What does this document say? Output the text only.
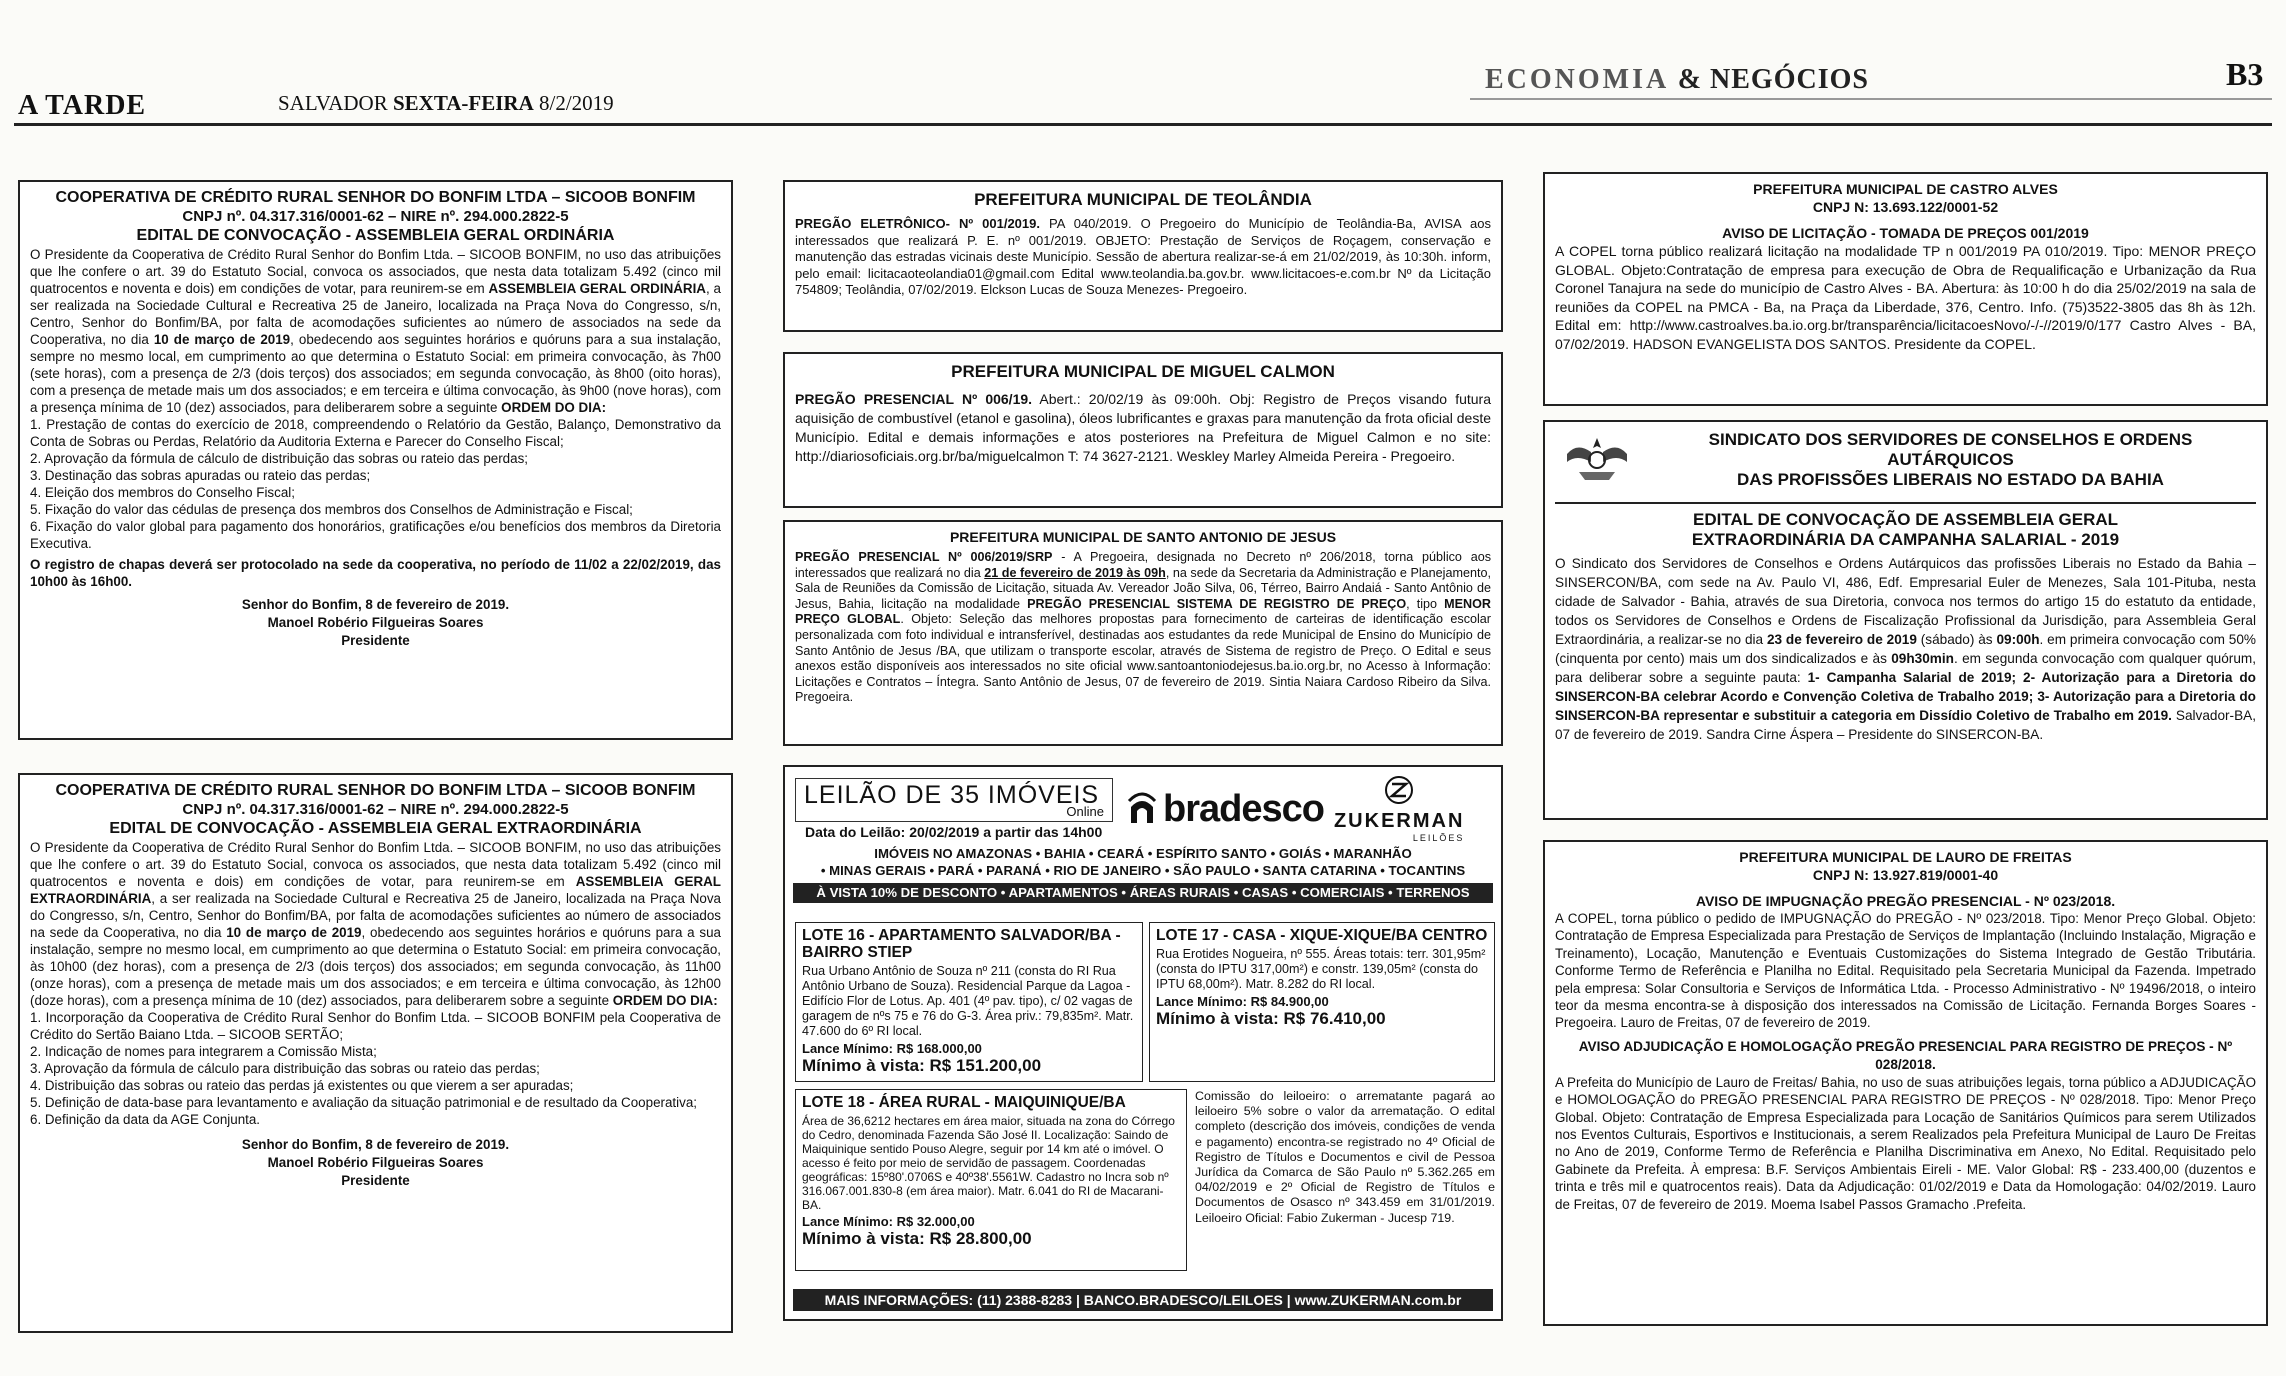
A TARDE	SALVADOR SEXTA-FEIRA 8/2/2019
ECONOMIA & NEGÓCIOS	B3
COOPERATIVA DE CRÉDITO RURAL SENHOR DO BONFIM LTDA – SICOOB BONFIM
CNPJ nº. 04.317.316/0001-62 – NIRE nº. 294.000.2822-5
EDITAL DE CONVOCAÇÃO - ASSEMBLEIA GERAL ORDINÁRIA
O Presidente da Cooperativa de Crédito Rural Senhor do Bonfim Ltda. – SICOOB BONFIM, no uso das atribuições que lhe confere o art. 39 do Estatuto Social, convoca os associados, que nesta data totalizam 5.492 (cinco mil quatrocentos e noventa e dois) em condições de votar, para reunirem-se em ASSEMBLEIA GERAL ORDINÁRIA, a ser realizada na Sociedade Cultural e Recreativa 25 de Janeiro, localizada na Praça Nova do Congresso, s/n, Centro, Senhor do Bonfim/BA, por falta de acomodações suficientes ao número de associados na sede da Cooperativa, no dia 10 de março de 2019, obedecendo aos seguintes horários e quóruns para a sua instalação, sempre no mesmo local, em cumprimento ao que determina o Estatuto Social: em primeira convocação, às 7h00 (sete horas), com a presença de 2/3 (dois terços) dos associados; em segunda convocação, às 8h00 (oito horas), com a presença de metade mais um dos associados; e em terceira e última convocação, às 9h00 (nove horas), com a presença mínima de 10 (dez) associados, para deliberarem sobre a seguinte ORDEM DO DIA:

1. Prestação de contas do exercício de 2018, compreendendo o Relatório da Gestão, Balanço, Demonstrativo da Conta de Sobras ou Perdas, Relatório da Auditoria Externa e Parecer do Conselho Fiscal;

2. Aprovação da fórmula de cálculo de distribuição das sobras ou rateio das perdas;

3. Destinação das sobras apuradas ou rateio das perdas;

4. Eleição dos membros do Conselho Fiscal;

5. Fixação do valor das cédulas de presença dos membros dos Conselhos de Administração e Fiscal;

6. Fixação do valor global para pagamento dos honorários, gratificações e/ou benefícios dos membros da Diretoria Executiva.

O registro de chapas deverá ser protocolado na sede da cooperativa, no período de 11/02 a 22/02/2019, das 10h00 às 16h00.

Senhor do Bonfim, 8 de fevereiro de 2019.
Manoel Robério Filgueiras Soares
Presidente
COOPERATIVA DE CRÉDITO RURAL SENHOR DO BONFIM LTDA – SICOOB BONFIM
CNPJ nº. 04.317.316/0001-62 – NIRE nº. 294.000.2822-5
EDITAL DE CONVOCAÇÃO - ASSEMBLEIA GERAL EXTRAORDINÁRIA
O Presidente da Cooperativa de Crédito Rural Senhor do Bonfim Ltda. – SICOOB BONFIM, no uso das atribuições que lhe confere o art. 39 do Estatuto Social, convoca os associados, que nesta data totalizam 5.492 (cinco mil quatrocentos e noventa e dois) em condições de votar, para reunirem-se em ASSEMBLEIA GERAL EXTRAORDINÁRIA, a ser realizada na Sociedade Cultural e Recreativa 25 de Janeiro, localizada na Praça Nova do Congresso, s/n, Centro, Senhor do Bonfim/BA, por falta de acomodações suficientes ao número de associados na sede da Cooperativa, no dia 10 de março de 2019, obedecendo aos seguintes horários e quóruns para a sua instalação, sempre no mesmo local, em cumprimento ao que determina o Estatuto Social: em primeira convocação, às 10h00 (dez horas), com a presença de 2/3 (dois terços) dos associados; em segunda convocação, às 11h00 (onze horas), com a presença de metade mais um dos associados; e em terceira e última convocação, às 12h00 (doze horas), com a presença mínima de 10 (dez) associados, para deliberarem sobre a seguinte ORDEM DO DIA:

1. Incorporação da Cooperativa de Crédito Rural Senhor do Bonfim Ltda. – SICOOB BONFIM pela Cooperativa de Crédito do Sertão Baiano Ltda. – SICOOB SERTÃO;

2. Indicação de nomes para integrarem a Comissão Mista;

3. Aprovação da fórmula de cálculo para distribuição das sobras ou rateio das perdas;

4. Distribuição das sobras ou rateio das perdas já existentes ou que vierem a ser apuradas;

5. Definição de data-base para levantamento e avaliação da situação patrimonial e de resultado da Cooperativa;

6. Definição da data da AGE Conjunta.

Senhor do Bonfim, 8 de fevereiro de 2019.
Manoel Robério Filgueiras Soares
Presidente
PREFEITURA MUNICIPAL DE TEOLÂNDIA
PREGÃO ELETRÔNICO- Nº 001/2019. PA 040/2019. O Pregoeiro do Município de Teolândia-Ba, AVISA aos interessados que realizará P. E. nº 001/2019. OBJETO: Prestação de Serviços de Roçagem, conservação e manutenção das estradas vicinais deste Município. Sessão de abertura realizar-se-á em 21/02/2019, às 10:30h. inform, pelo email: licitacaoteolandia01@gmail.com Edital www.teolandia.ba.gov.br. www.licitacoes-e.com.br Nº da Licitação 754809; Teolândia, 07/02/2019. Elckson Lucas de Souza Menezes- Pregoeiro.
PREFEITURA MUNICIPAL DE MIGUEL CALMON
PREGÃO PRESENCIAL Nº 006/19. Abert.: 20/02/19 às 09:00h. Obj: Registro de Preços visando futura aquisição de combustível (etanol e gasolina), óleos lubrificantes e graxas para manutenção da frota oficial deste Município. Edital e demais informações e atos posteriores na Prefeitura de Miguel Calmon e no site: http://diariosoficiais.org.br/ba/miguelcalmon T: 74 3627-2121. Weskley Marley Almeida Pereira - Pregoeiro.
PREFEITURA MUNICIPAL DE SANTO ANTONIO DE JESUS
PREGÃO PRESENCIAL Nº 006/2019/SRP - A Pregoeira, designada no Decreto nº 206/2018, torna público aos interessados que realizará no dia 21 de fevereiro de 2019 às 09h, na sede da Secretaria da Administração e Planejamento, Sala de Reuniões da Comissão de Licitação, situada Av. Vereador João Silva, 06, Térreo, Bairro Andaiá - Santo Antônio de Jesus, Bahia, licitação na modalidade PREGÃO PRESENCIAL SISTEMA DE REGISTRO DE PREÇO, tipo MENOR PREÇO GLOBAL. Objeto: Seleção das melhores propostas para fornecimento de carteiras de identificação escolar personalizada com foto individual e intransferível, destinadas aos estudantes da rede Municipal de Ensino do Município de Santo Antônio de Jesus /BA, que utilizam o transporte escolar, através de Sistema de registro de Preço. O Edital e seus anexos estão disponíveis aos interessados no site oficial www.santoantoniodejesus.ba.io.org.br, no Acesso à Informação: Licitações e Contratos – Íntegra. Santo Antônio de Jesus, 07 de fevereiro de 2019. Sintia Naiara Cardoso Ribeiro da Silva. Pregoeira.
LEILÃO DE 35 IMÓVEIS
Online
Data do Leilão: 20/02/2019 a partir das 14h00
bradesco ZUKERMAN
LEILÕES
IMÓVEIS NO AMAZONAS • BAHIA • CEARÁ • ESPÍRITO SANTO • GOIÁS • MARANHÃO
• MINAS GERAIS • PARÁ • PARANÁ • RIO DE JANEIRO • SÃO PAULO • SANTA CATARINA • TOCANTINS
À VISTA 10% DE DESCONTO • APARTAMENTOS • ÁREAS RURAIS • CASAS • COMERCIAIS • TERRENOS
LOTE 16 - APARTAMENTO SALVADOR/BA - BAIRRO STIEP
Rua Urbano Antônio de Souza nº 211 (consta do RI Rua Antônio Urbano de Souza). Residencial Parque da Lagoa - Edifício Flor de Lotus. Ap. 401 (4º pav. tipo), c/ 02 vagas de garagem de nºs 75 e 76 do G-3. Área priv.: 79,835m². Matr. 47.600 do 6º RI local.
Lance Mínimo: R$ 168.000,00
Mínimo à vista: R$ 151.200,00
LOTE 17 - CASA - XIQUE-XIQUE/BA CENTRO
Rua Erotides Nogueira, nº 555. Áreas totais: terr. 301,95m² (consta do IPTU 317,00m²) e constr. 139,05m² (consta do IPTU 68,00m²). Matr. 8.282 do RI local.
Lance Mínimo: R$ 84.900,00
Mínimo à vista: R$ 76.410,00
LOTE 18 - ÁREA RURAL - MAIQUINIQUE/BA
Área de 36,6212 hectares em área maior, situada na zona do Córrego do Cedro, denominada Fazenda São José II. Localização: Saindo de Maiquinique sentido Pouso Alegre, seguir por 14 km até o imóvel. O acesso é feito por meio de servidão de passagem. Coordenadas geográficas: 15º80'.0706S e 40º38'.5561W. Cadastro no Incra sob nº 316.067.001.830-8 (em área maior). Matr. 6.041 do RI de Macarani-BA.
Lance Mínimo: R$ 32.000,00
Mínimo à vista: R$ 28.800,00
Comissão do leiloeiro: o arrematante pagará ao leiloeiro 5% sobre o valor da arrematação. O edital completo (descrição dos imóveis, condições de venda e pagamento) encontra-se registrado no 4º Oficial de Registro de Títulos e Documentos e civil de Pessoa Jurídica da Comarca de São Paulo nº 5.362.265 em 04/02/2019 e 2º Oficial de Registro de Títulos e Documentos de Osasco nº 343.459 em 31/01/2019. Leiloeiro Oficial: Fabio Zukerman - Jucesp 719.
MAIS INFORMAÇÕES: (11) 2388-8283 | BANCO.BRADESCO/LEILOES | www.ZUKERMAN.com.br
PREFEITURA MUNICIPAL DE CASTRO ALVES
CNPJ N: 13.693.122/0001-52
AVISO DE LICITAÇÃO - TOMADA DE PREÇOS 001/2019
A COPEL torna público realizará licitação na modalidade TP n 001/2019 PA 010/2019. Tipo: MENOR PREÇO GLOBAL. Objeto:Contratação de empresa para execução de Obra de Requalificação e Urbanização da Rua Coronel Tanajura na sede do município de Castro Alves - BA. Abertura: às 10:00 h do dia 25/02/2019 na sala de reuniões da COPEL na PMCA - Ba, na Praça da Liberdade, 376, Centro. Info. (75)3522-3805 das 8h às 12h. Edital em: http://www.castroalves.ba.io.org.br/transparência/licitacoesNovo/-/-//2019/0/177 Castro Alves - BA, 07/02/2019. HADSON EVANGELISTA DOS SANTOS. Presidente da COPEL.
SINDICATO DOS SERVIDORES DE CONSELHOS E ORDENS AUTÁRQUICOS
DAS PROFISSÕES LIBERAIS NO ESTADO DA BAHIA
EDITAL DE CONVOCAÇÃO DE ASSEMBLEIA GERAL
EXTRAORDINÁRIA DA CAMPANHA SALARIAL - 2019
O Sindicato dos Servidores de Conselhos e Ordens Autárquicos das profissões Liberais no Estado da Bahia – SINSERCON/BA, com sede na Av. Paulo VI, 486, Edf. Empresarial Euler de Menezes, Sala 101-Pituba, nesta cidade de Salvador - Bahia, através de sua Diretoria, convoca nos termos do artigo 15 do estatuto da entidade, todos os Servidores de Conselhos e Ordens de Fiscalização Profissional da Jurisdição, para Assembleia Geral Extraordinária, a realizar-se no dia 23 de fevereiro de 2019 (sábado) às 09:00h. em primeira convocação com 50% (cinquenta por cento) mais um dos sindicalizados e às 09h30min. em segunda convocação com qualquer quórum, para deliberar sobre a seguinte pauta: 1- Campanha Salarial de 2019; 2- Autorização para a Diretoria do SINSERCON-BA celebrar Acordo e Convenção Coletiva de Trabalho 2019; 3- Autorização para a Diretoria do SINSERCON-BA representar e substituir a categoria em Dissídio Coletivo de Trabalho em 2019. Salvador-BA, 07 de fevereiro de 2019. Sandra Cirne Áspera – Presidente do SINSERCON-BA.
PREFEITURA MUNICIPAL DE LAURO DE FREITAS
CNPJ N: 13.927.819/0001-40
AVISO DE IMPUGNAÇÃO PREGÃO PRESENCIAL - Nº 023/2018.
A COPEL, torna público o pedido de IMPUGNAÇÃO do PREGÃO - Nº 023/2018. Tipo: Menor Preço Global. Objeto: Contratação de Empresa Especializada para Prestação de Serviços de Implantação (Incluindo Instalação, Migração e Treinamento), Locação, Manutenção e Eventuais Customizações do Sistema Integrado de Gestão Tributária. Conforme Termo de Referência e Planilha no Edital. Requisitado pela Secretaria Municipal da Fazenda. Impetrado pela empresa: Solar Consultoria e Serviços de Informática Ltda. - Processo Administrativo - Nº 19496/2018, o inteiro teor da mesma encontra-se à disposição dos interessados na Comissão de Licitação. Fernanda Borges Soares - Pregoeira. Lauro de Freitas, 07 de fevereiro de 2019.
AVISO ADJUDICAÇÃO E HOMOLOGAÇÃO PREGÃO PRESENCIAL PARA REGISTRO DE PREÇOS - Nº 028/2018.
A Prefeita do Município de Lauro de Freitas/ Bahia, no uso de suas atribuições legais, torna público a ADJUDICAÇÃO e HOMOLOGAÇÃO do PREGÃO PRESENCIAL PARA REGISTRO DE PREÇOS - Nº 028/2018. Tipo: Menor Preço Global. Objeto: Contratação de Empresa Especializada para Locação de Sanitários Químicos para serem Utilizados nos Eventos Culturais, Esportivos e Institucionais, a serem Realizados pela Prefeitura Municipal de Lauro De Freitas no Ano de 2019, Conforme Termo de Referência e Planilha Discriminativa em Anexo, No Edital. Requisitado pelo Gabinete da Prefeita. À empresa: B.F. Serviços Ambientais Eireli - ME. Valor Global: R$ - 233.400,00 (duzentos e trinta e três mil e quatrocentos reais). Data da Adjudicação: 01/02/2019 e Data da Homologação: 04/02/2019. Lauro de Freitas, 07 de fevereiro de 2019. Moema Isabel Passos Gramacho .Prefeita.
